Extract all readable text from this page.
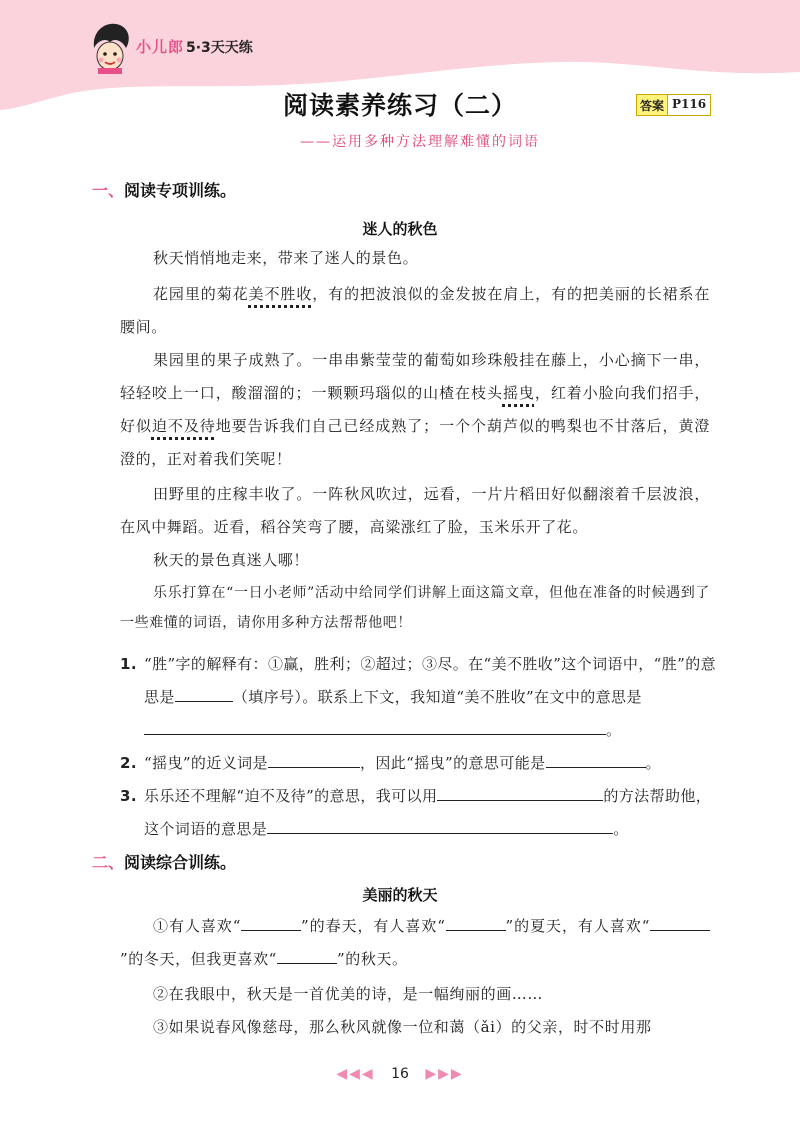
小儿郎 5·3天天练
阅读素养练习（二）	答案 P116
——运用多种方法理解难懂的词语
一、阅读专项训练。
迷人的秋色

秋天悄悄地走来，带来了迷人的景色。

花园里的菊花美不胜收，有的把波浪似的金发披在肩上，有的把美丽的长裙系在腰间。

果园里的果子成熟了。一串串紫莹莹的葡萄如珍珠般挂在藤上，小心摘下一串，轻轻咬上一口，酸溜溜的；一颗颗玛瑙似的山楂在枝头摇曳，红着小脸向我们招手，好似迫不及待地要告诉我们自己已经成熟了；一个个葫芦似的鸭梨也不甘落后，黄澄澄的，正对着我们笑呢！

田野里的庄稼丰收了。一阵秋风吹过，远看，一片片稻田好似翻滚着千层波浪，在风中舞蹈。近看，稻谷笑弯了腰，高粱涨红了脸，玉米乐开了花。

秋天的景色真迷人哪！

乐乐打算在“一日小老师”活动中给同学们讲解上面这篇文章，但他在准备的时候遇到了一些难懂的词语，请你用多种方法帮帮他吧！

1. “胜”字的解释有：①赢，胜利；②超过；③尽。在“美不胜收”这个词语中，“胜”的意思是	（填序号）。联系上下文，我知道“美不胜收”在文中的意思是。
2. “摇曳”的近义词是	，因此“摇曳”的意思可能是	。
3. 乐乐还不理解“迫不及待”的意思，我可以用	的方法帮助他，这个词语的意思是	。
二、阅读综合训练。
美丽的秋天

①有人喜欢“	”的春天，有人喜欢“	”的夏天，有人喜欢“”的冬天，但我更喜欢“	”的秋天。

②在我眼中，秋天是一首优美的诗，是一幅绚丽的画……

③如果说春风像慈母，那么秋风就像一位和蔼（ǎi）的父亲，时不时用那

◀◀◀ 16 ▶▶▶
